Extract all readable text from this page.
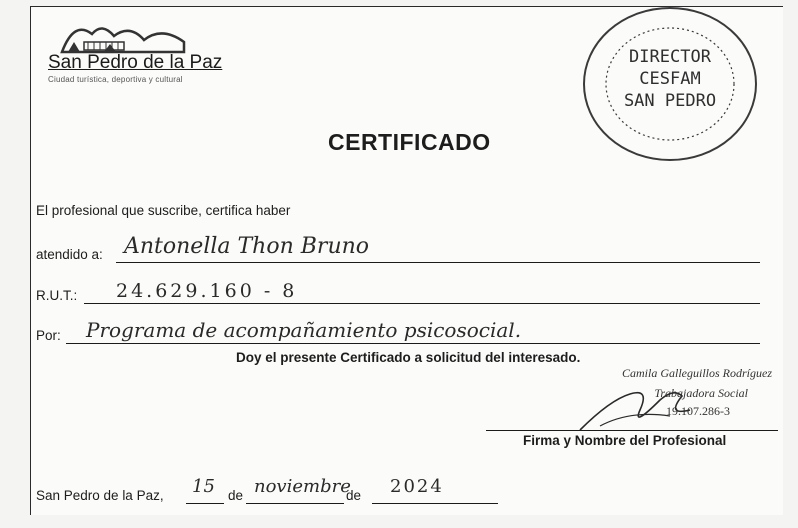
San Pedro de la Paz
Ciudad turística, deportiva y cultural
DIRECTOR
CESFAM
SAN PEDRO
CERTIFICADO
El profesional que suscribe, certifica haber
atendido a: Antonella Thon Bruno
R.U.T.: 24.629.160 - 8
Por: Programa de acompañamiento psicosocial.
Doy el presente Certificado a solicitud del interesado.
Camila Galleguillos Rodríguez
Trabajadora Social
19.107.286-3
Firma y Nombre del Profesional
San Pedro de la Paz, 15 de noviembre
de 2024
